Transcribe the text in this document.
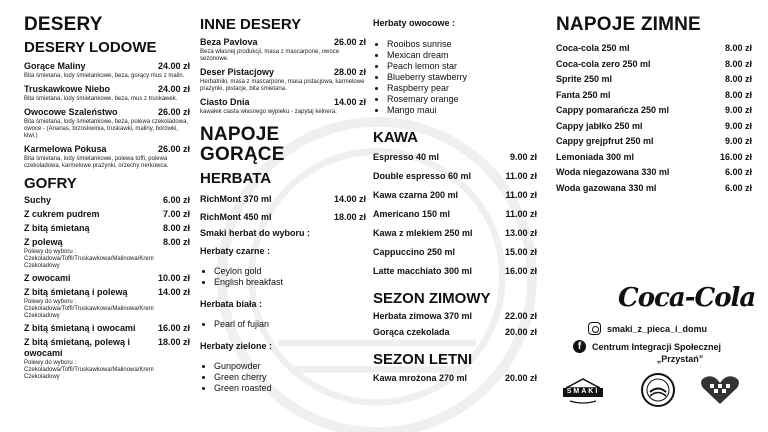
DESERY
DESERY LODOWE
Gorące Maliny	24.00 zł
Bita śmietana, lody śmietankowe, beza, gorący mus z malin.
Truskawkowe Niebo	24.00 zł
Bita śmietana, lody śmietankowe, beza, mus z truskawek.
Owocowe Szaleństwo	26.00 zł
Bita śmietana, lody śmietankowe, beza, polewa czekoladowa, owoce - (Ananas, brzoskwinia, truskawki, maliny, borówki, kiwi.)
Karmelowa Pokusa	26.00 zł
Bita śmietana, lody śmietankowe, polewa toffi, polewa czekoladowa, karmelowe prażynki, orzechy nerkowca.
GOFRY
Suchy	6.00 zł
Z cukrem pudrem	7.00 zł
Z bitą śmietaną	8.00 zł
Z polewą	8.00 zł
Polewy do wyboru : Czekoladowa/Toffi/Truskawkowa/Malinowa/Krem Czekoladowy
Z owocami	10.00 zł
Z bitą śmietaną i polewą	14.00 zł
Polewy do wyboru : Czekoladowa/Toffi/Truskawkowa/Malinowa/Krem Czekoladowy
Z bitą śmietaną i owocami	16.00 zł
Z bitą śmietaną, polewą i owocami
18.00 zł
Polewy do wyboru : Czekoladowa/Toffi/Truskawkowa/Malinowa/Krem Czekoladowy
INNE DESERY
Beza Pavlova	26.00 zł
Beza własnej produkcji, masa z mascarpone, owoce sezonowe.
Deser Pistacjowy	28.00 zł
Herbatniki, masa z mascarpone, masa pistacjowa, karmelowe prażynki, pistacje, bita śmietana.
Ciasto Dnia	14.00 zł
kawałek ciasta własnego wypieku - zapytaj kelnera.
NAPOJE GORĄCE
HERBATA
RichMont 370 ml	14.00 zł
RichMont 450 ml	18.00 zł
Smaki herbat do wyboru :
Herbaty czarne :
• Ceylon gold
• English breakfast
Herbata biała :
• Pearl of fujian
Herbaty zielone :
• Gunpowder
• Green cherry
• Green roasted
Herbaty owocowe :
• Rooibos sunrise
• Mexican dream
• Peach lemon star
• Blueberry stawberry
• Raspberry pear
• Rosemary orange
• Mango maui
KAWA
Espresso 40 ml	9.00 zł
Double espresso 60 ml	11.00 zł
Kawa czarna 200 ml	11.00 zł
Americano 150 ml	11.00 zł
Kawa z mlekiem 250 ml	13.00 zł
Cappuccino 250 ml	15.00 zł
Latte macchiato 300 ml	16.00 zł
SEZON ZIMOWY
Herbata zimowa 370 ml	22.00 zł
Gorąca czekolada	20.00 zł
SEZON LETNI
Kawa mrożona 270 ml	20.00 zł
NAPOJE ZIMNE
Coca-cola 250 ml	8.00 zł
Coca-cola zero 250 ml	8.00 zł
Sprite 250 ml	8.00 zł
Fanta 250 ml	8.00 zł
Cappy pomarańcza 250 ml	9.00 zł
Cappy jabłko 250 ml	9.00 zł
Cappy grejpfrut 250 ml	9.00 zł
Lemoniada 300 ml	16.00 zł
Woda niegazowana 330 ml	6.00 zł
Woda gazowana 330 ml	6.00 zł
Coca-Cola
smaki_z_pieca_i_domu
f	Centrum Integracji Społecznej
„Przystań”
SMAKI
